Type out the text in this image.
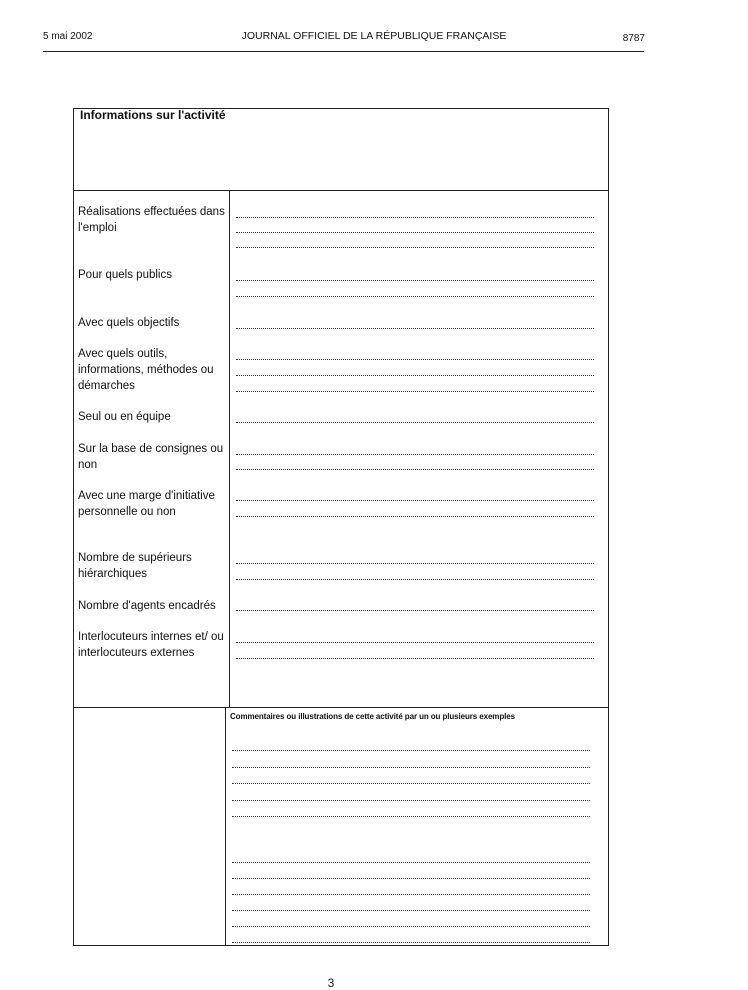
5 mai 2002	JOURNAL OFFICIEL DE LA RÉPUBLIQUE FRANÇAISE	8787
Informations sur l'activité
Réalisations effectuées dans l'emploi
Pour quels publics
Avec quels objectifs
Avec quels outils, informations, méthodes ou démarches
Seul ou en équipe
Sur la base de consignes ou non
Avec une marge d'initiative personnelle ou non
Nombre de supérieurs hiérarchiques
Nombre d'agents encadrés
Interlocuteurs internes et/ ou interlocuteurs externes
Commentaires ou illustrations de cette activité par un ou plusieurs exemples
3
